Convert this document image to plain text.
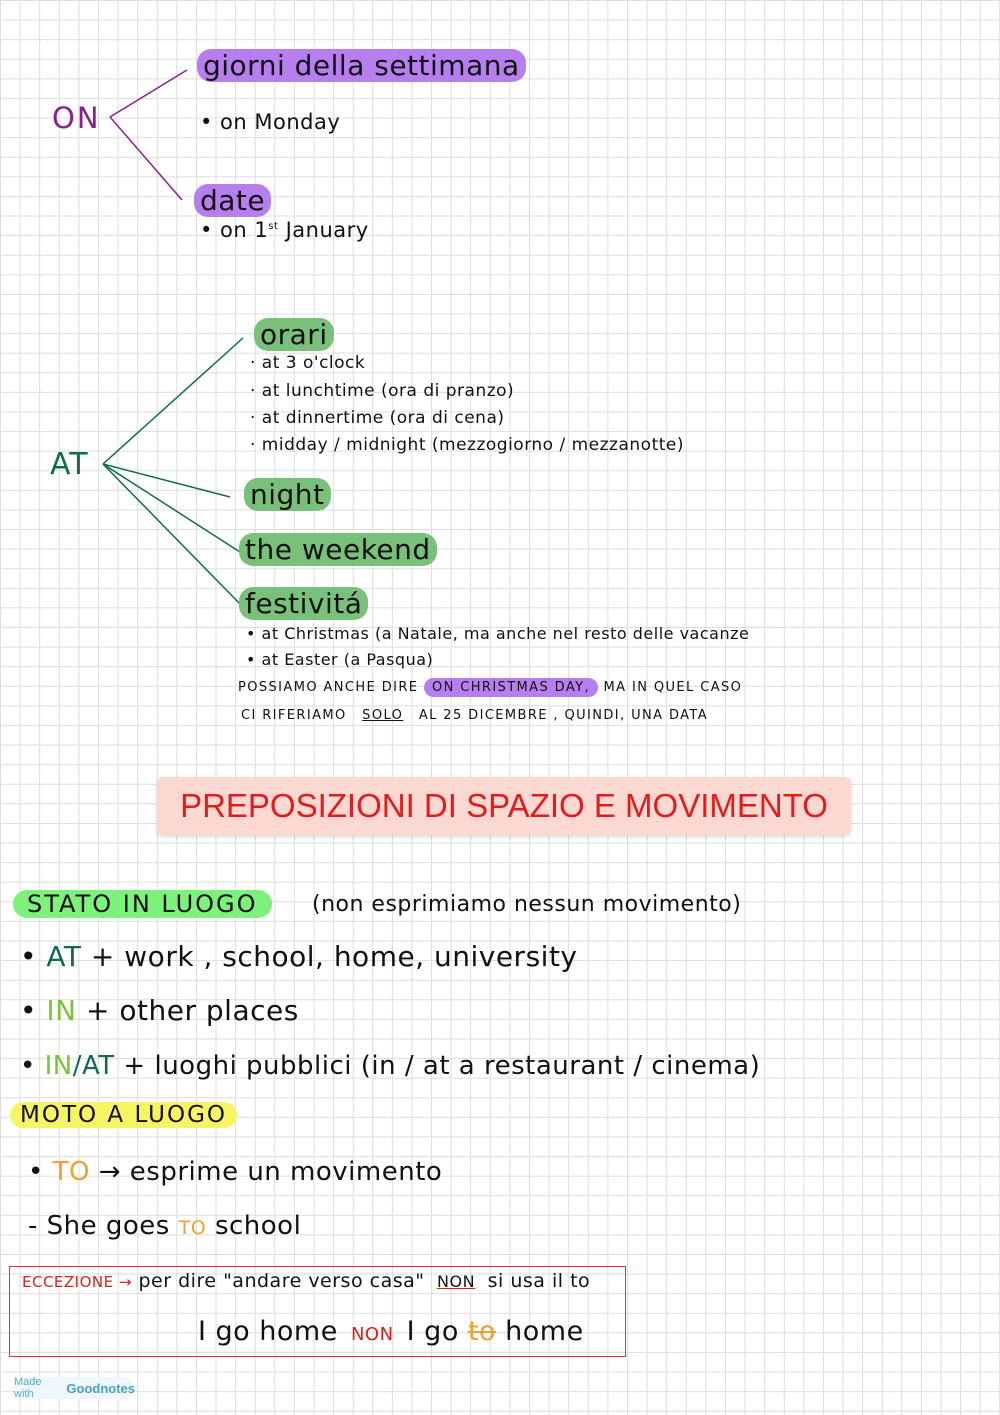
ON
giorni della settimana
• on Monday
date
• on 1st January
AT
orari
· at 3 o'clock
· at lunchtime (ora di pranzo)
· at dinnertime (ora di cena)
· midday / midnight (mezzogiorno / mezzanotte)
night
the weekend
festivitá
• at Christmas (a Natale, ma anche nel resto delle vacanze
• at Easter (a Pasqua)
POSSIAMO ANCHE DIRE ON CHRISTMAS DAY, MA IN QUEL CASO
CI RIFERIAMO SOLO AL 25 DICEMBRE , QUINDI, UNA DATA
PREPOSIZIONI DI SPAZIO E MOVIMENTO
STATO IN LUOGO	(non esprimiamo nessun movimento)
• AT + work , school, home, university
• IN + other places
• IN/AT + luoghi pubblici (in / at a restaurant / cinema)
MOTO A LUOGO
• TO → esprime un movimento
- She goes TO school
ECCEZIONE → per dire "andare verso casa" NON si usa il to
I go home NON I go to home
Made with	Goodnotes
